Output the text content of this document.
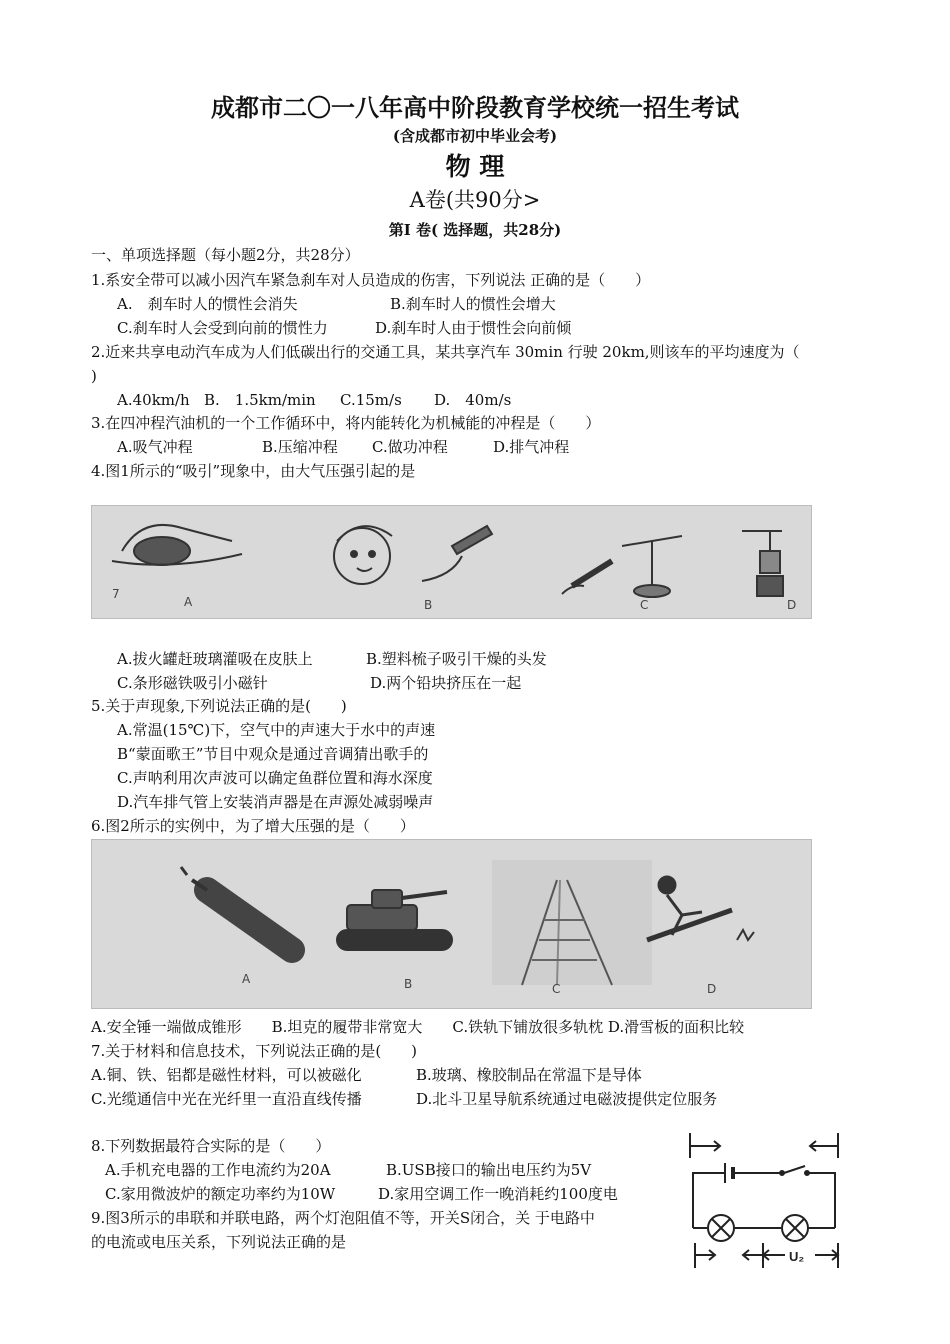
成都市二〇一八年高中阶段教育学校统一招生考试
(含成都市初中毕业会考)
物 理
A卷(共90分>
第Ⅰ 卷( 选择题，共28分)
一、单项选择题（每小题2分，共28分）
1.系安全带可以减小因汽车紧急刹车对人员造成的伤害，下列说法 正确的是（　　）
A.　刹车时人的惯性会消失	B.刹车时人的惯性会增大
C.刹车时人会受到向前的惯性力	D.刹车时人由于惯性会向前倾
2.近来共享电动汽车成为人们低碳出行的交通工具，某共享汽车 30min 行驶 20km,则该车的平均速度为（
)
A.40km/h B.　1.5km/min C.15m/s D.　40m/s
3.在四冲程汽油机的一个工作循环中，将内能转化为机械能的冲程是（　　）
A.吸气冲程	B.压缩冲程 C.做功冲程	D.排气冲程
4.图1所示的“吸引”现象中，由大气压强引起的是
7
A	B	C	D
A.拔火罐赶玻璃灌吸在皮肤上	B.塑料梳子吸引干燥的头发
C.条形磁铁吸引小磁针	D.两个铅块挤压在一起
5.关于声现象,下列说法正确的是(　　)
A.常温(15℃)下，空气中的声速大于水中的声速
B“蒙面歌王”节目中观众是通过音调猜出歌手的
C.声呐利用次声波可以确定鱼群位置和海水深度
D.汽车排气管上安装消声器是在声源处减弱噪声
6.图2所示的实例中，为了增大压强的是（　　）
A	B	C	D
A.安全锤一端做成锥形　　B.坦克的履带非常宽大　　C.铁轨下铺放很多轨枕 D.滑雪板的面积比较
7.关于材料和信息技术，下列说法正确的是(　　)
A.铜、铁、铝都是磁性材料，可以被磁化	B.玻璃、橡胶制品在常温下是导体
C.光缆通信中光在光纤里一直沿直线传播	D.北斗卫星导航系统通过电磁波提供定位服务
8.下列数据最符合实际的是（　　）
A.手机充电器的工作电流约为20A	B.USB接口的输出电压约为5V
C.家用微波炉的额定功率约为10W	D.家用空调工作一晚消耗约100度电
9.图3所示的串联和并联电路，两个灯泡阻值不等，开关S闭合，关 于电路中
的电流或电压关系，下列说法正确的是
U₂
